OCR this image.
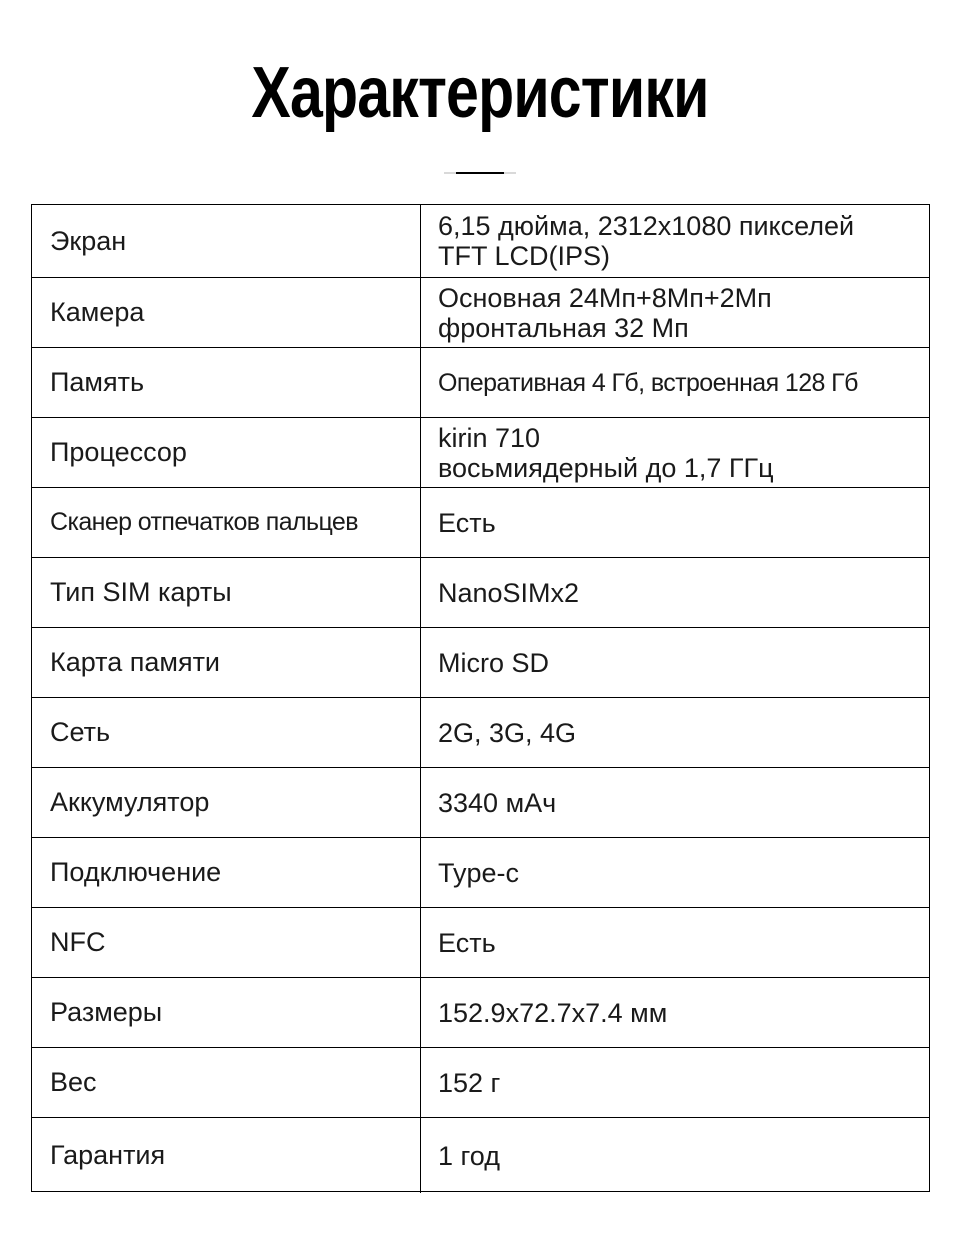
Характеристики
Экран	6,15 дюйма, 2312x1080 пикселей
TFT LCD(IPS)
Камера	Основная 24Мп+8Мп+2Мп
фронтальная 32 Мп
Память	Оперативная 4 Гб, встроенная 128 Гб
Процессор	kirin 710
восьмиядерный до 1,7 ГГц
Сканер отпечатков пальцев	Есть
Тип SIM карты	NanoSIMx2
Карта памяти	Micro SD
Сеть	2G, 3G, 4G
Аккумулятор	3340 мАч
Подключение	Type-c
NFC	Есть
Размеры	152.9x72.7x7.4 мм
Вес	152 г
Гарантия	1 год
